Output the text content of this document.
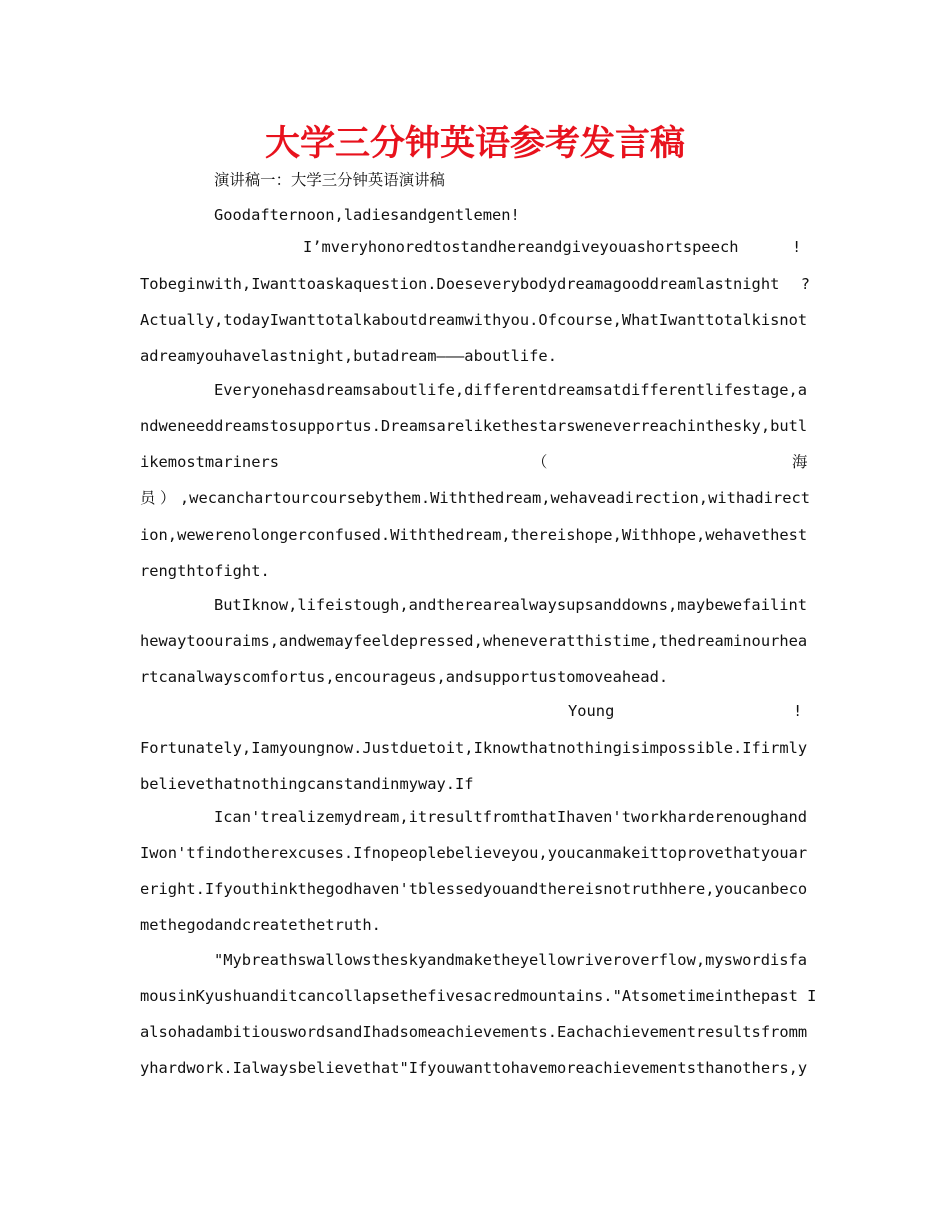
大学三分钟英语参考发言稿

演讲稿一：大学三分钟英语演讲稿

Goodafternoon,ladiesandgentlemen!

I’mveryhonoredtostandhereandgiveyouashortspeech	!

Tobeginwith,Iwanttoaskaquestion.Doeseverybodydreamagooddreamlastnight ?

Actually,todayIwanttotalkaboutdreamwithyou.Ofcourse,WhatIwanttotalkisnot

adreamyouhavelastnight,butadream———aboutlife.

Everyonehasdreamsaboutlife,differentdreamsatdifferentlifestage,a

ndweneeddreamstosupportus.Dreamsarelikethestarsweneverreachinthesky,butl

ikemostmariners	（	海

员）,wecanchartourcoursebythem.Withthedream,wehaveadirection,withadirect

ion,wewerenolongerconfused.Withthedream,thereishope,Withhope,wehavethest

rengthtofight.

ButIknow,lifeistough,andtherearealwaysupsanddowns,maybewefailint

hewaytoouraims,andwemayfeeldepressed,wheneveratthistime,thedreaminourhea

rtcanalwayscomfortus,encourageus,andsupportustomoveahead.

Young	!

Fortunately,Iamyoungnow.Justduetoit,Iknowthatnothingisimpossible.Ifirmly

believethatnothingcanstandinmyway.If

Ican'trealizemydream,itresultfromthatIhaven'tworkharderenoughand

Iwon'tfindotherexcuses.Ifnopeoplebelieveyou,youcanmakeittoprovethatyouar

eright.Ifyouthinkthegodhaven'tblessedyouandthereisnotruthhere,youcanbeco

methegodandcreatethetruth.

"Mybreathswallowstheskyandmaketheyellowriveroverflow,myswordisfa

mousinKyushuanditcancollapsethefivesacredmountains."Atsometimeinthepast I

alsohadambitiouswordsandIhadsomeachievements.Eachachievementresultsfromm

yhardwork.Ialwaysbelievethat"Ifyouwanttohavemoreachievementsthanothers,y
